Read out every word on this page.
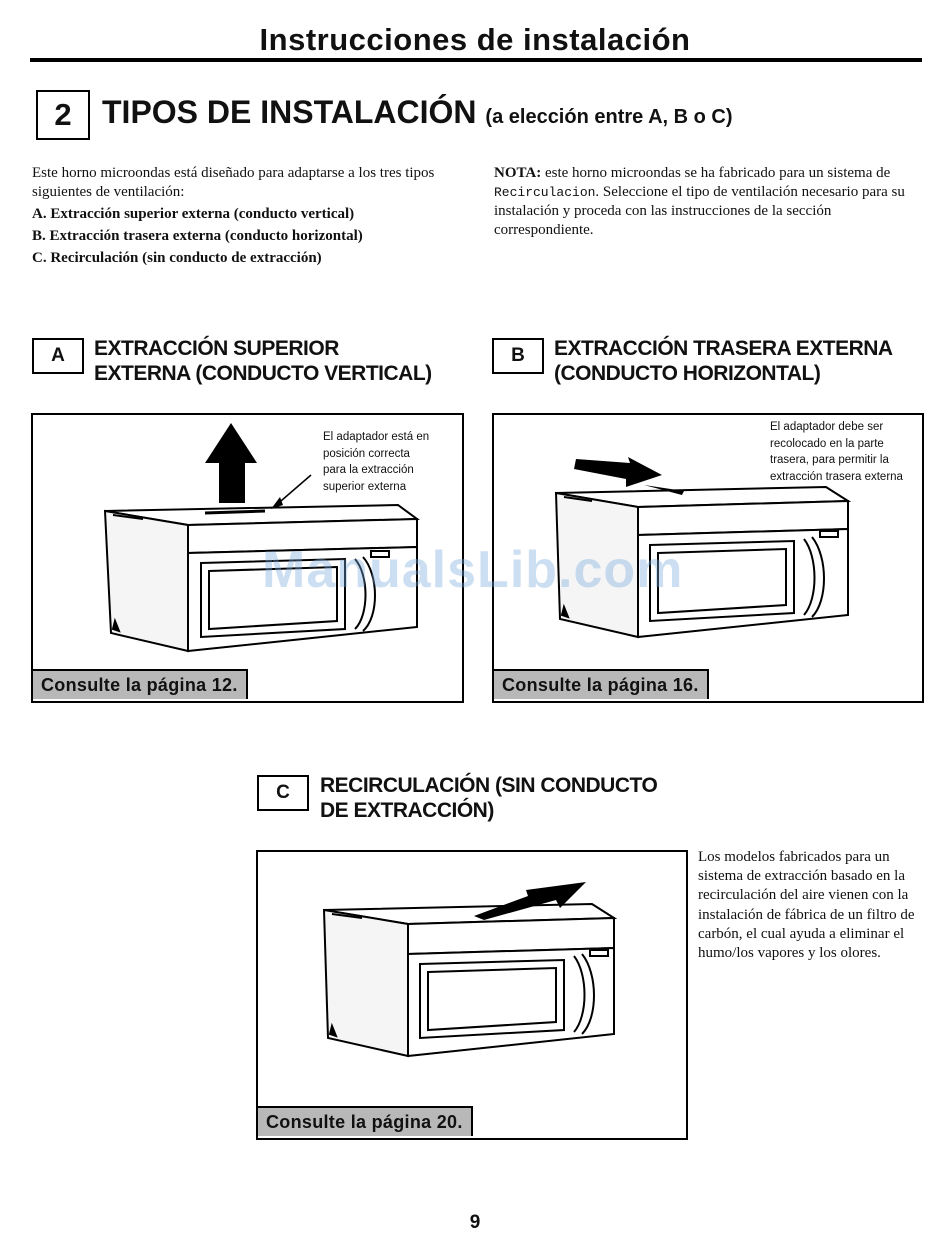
Instrucciones de instalación
2 TIPOS DE INSTALACIÓN (a elección entre A, B o C)
Este horno microondas está diseñado para adaptarse a los tres tipos siguientes de ventilación:
A. Extracción superior externa (conducto vertical)
B. Extracción trasera externa (conducto horizontal)
C. Recirculación (sin conducto de extracción)
NOTA: este horno microondas se ha fabricado para un sistema de Recirculacion. Seleccione el tipo de ventilación necesario para su instalación y proceda con las instrucciones de la sección correspondiente.
A	EXTRACCIÓN SUPERIOR
EXTERNA (CONDUCTO VERTICAL)
B	EXTRACCIÓN TRASERA EXTERNA
(CONDUCTO HORIZONTAL)
El adaptador está en
posición correcta
para la extracción
superior externa
Consulte la página 12.
El adaptador debe ser
recolocado en la parte
trasera, para permitir la
extracción trasera externa
Consulte la página 16.
ManualsLib.com
C	RECIRCULACIÓN (SIN CONDUCTO
DE EXTRACCIÓN)
Consulte la página 20.
Los modelos fabricados para un sistema de extracción basado en la recirculación del aire vienen con la instalación de fábrica de un filtro de carbón, el cual ayuda a eliminar el humo/los vapores y los olores.
9
